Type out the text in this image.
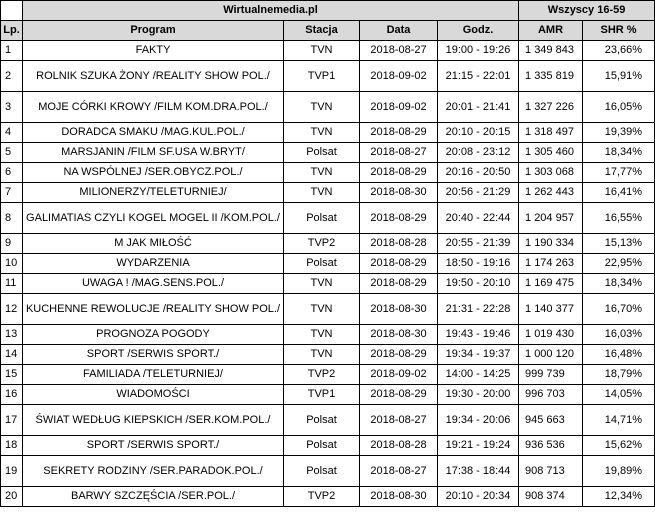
	Wirtualnemedia.pl				Wszyscy 16-59	
Lp.	Program	Stacja	Data	Godz.	AMR	SHR %
1	FAKTY	TVN	2018-08-27	19:00 - 19:26	1 349 843	23,66%
2	ROLNIK SZUKA ŻONY /REALITY SHOW POL./	TVP1	2018-09-02	21:15 - 22:01	1 335 819	15,91%
3	MOJE CÓRKI KROWY /FILM KOM.DRA.POL./	TVN	2018-09-02	20:01 - 21:41	1 327 226	16,05%
4	DORADCA SMAKU /MAG.KUL.POL./	TVN	2018-08-29	20:10 - 20:15	1 318 497	19,39%
5	MARSJANIN /FILM SF.USA W.BRYT/	Polsat	2018-08-27	20:08 - 23:12	1 305 460	18,34%
6	NA WSPÓLNEJ /SER.OBYCZ.POL./	TVN	2018-08-29	20:16 - 20:50	1 303 068	17,77%
7	MILIONERZY/TELETURNIEJ/	TVN	2018-08-30	20:56 - 21:29	1 262 443	16,41%
8	GALIMATIAS CZYLI KOGEL MOGEL II /KOM.POL./	Polsat	2018-08-29	20:40 - 22:44	1 204 957	16,55%
9	M JAK MIŁOŚĆ	TVP2	2018-08-28	20:55 - 21:39	1 190 334	15,13%
10	WYDARZENIA	Polsat	2018-08-29	18:50 - 19:16	1 174 263	22,95%
11	UWAGA ! /MAG.SENS.POL./	TVN	2018-08-29	19:50 - 20:10	1 169 475	18,34%
12	KUCHENNE REWOLUCJE /REALITY SHOW POL./	TVN	2018-08-30	21:31 - 22:28	1 140 377	16,70%
13	PROGNOZA POGODY	TVN	2018-08-30	19:43 - 19:46	1 019 430	16,03%
14	SPORT /SERWIS SPORT./	TVN	2018-08-29	19:34 - 19:37	1 000 120	16,48%
15	FAMILIADA /TELETURNIEJ/	TVP2	2018-09-02	14:00 - 14:25	999 739	18,79%
16	WIADOMOŚCI	TVP1	2018-08-29	19:30 - 20:00	996 703	14,05%
17	ŚWIAT WEDŁUG KIEPSKICH /SER.KOM.POL./	Polsat	2018-08-27	19:34 - 20:06	945 663	14,71%
18	SPORT /SERWIS SPORT./	Polsat	2018-08-28	19:21 - 19:24	936 536	15,62%
19	SEKRETY RODZINY /SER.PARADOK.POL./	Polsat	2018-08-27	17:38 - 18:44	908 713	19,89%
20	BARWY SZCZĘŚCIA /SER.POL./	TVP2	2018-08-30	20:10 - 20:34	908 374	12,34%
